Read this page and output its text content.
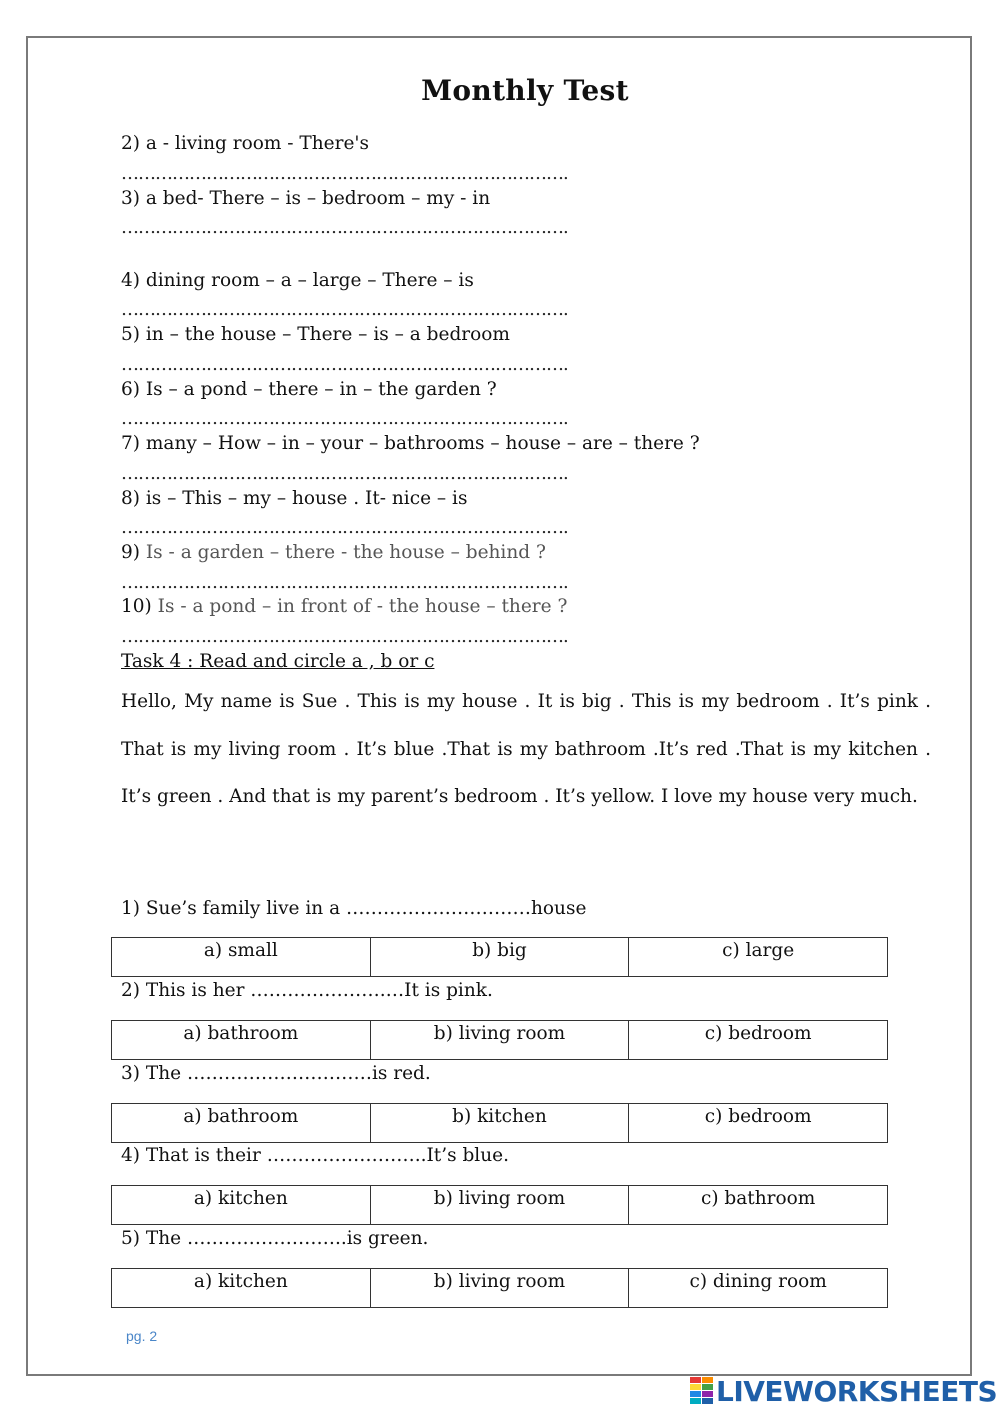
Monthly Test
2) a - living room - There's
…………………………………………………………………….
3) a bed- There – is – bedroom – my - in
…………………………………………………………………….
4) dining room – a – large – There – is
…………………………………………………………………….
5) in – the house – There – is – a bedroom
…………………………………………………………………….
6) Is – a pond – there – in – the garden ?
…………………………………………………………………….
7) many – How – in – your – bathrooms – house – are – there ?
…………………………………………………………………….
8) is – This – my – house . It- nice – is
…………………………………………………………………….
9) Is - a garden – there - the house – behind ?
…………………………………………………………………….
10) Is - a pond – in front of - the house – there ?
…………………………………………………………………….
Task 4 : Read and circle a , b or c
Hello, My name is Sue . This is my house . It is big . This is my bedroom . It’s pink . That is my living room . It’s blue .That is my bathroom .It’s red .That is my kitchen . It’s green . And that is my parent’s bedroom . It’s yellow. I love my house very much.
1) Sue’s family live in a …………………………house
a) small	b) big	c) large
2) This is her ………………….…It is pink.
a) bathroom	b) living room	c) bedroom
3) The …………………………is red.
a) bathroom	b) kitchen	c) bedroom
4) That is their ……………………..It’s blue.
a) kitchen	b) living room	c) bathroom
5) The ……………………..is green.
a) kitchen	b) living room	c) dining room
pg. 2
LIVEWORKSHEETS
